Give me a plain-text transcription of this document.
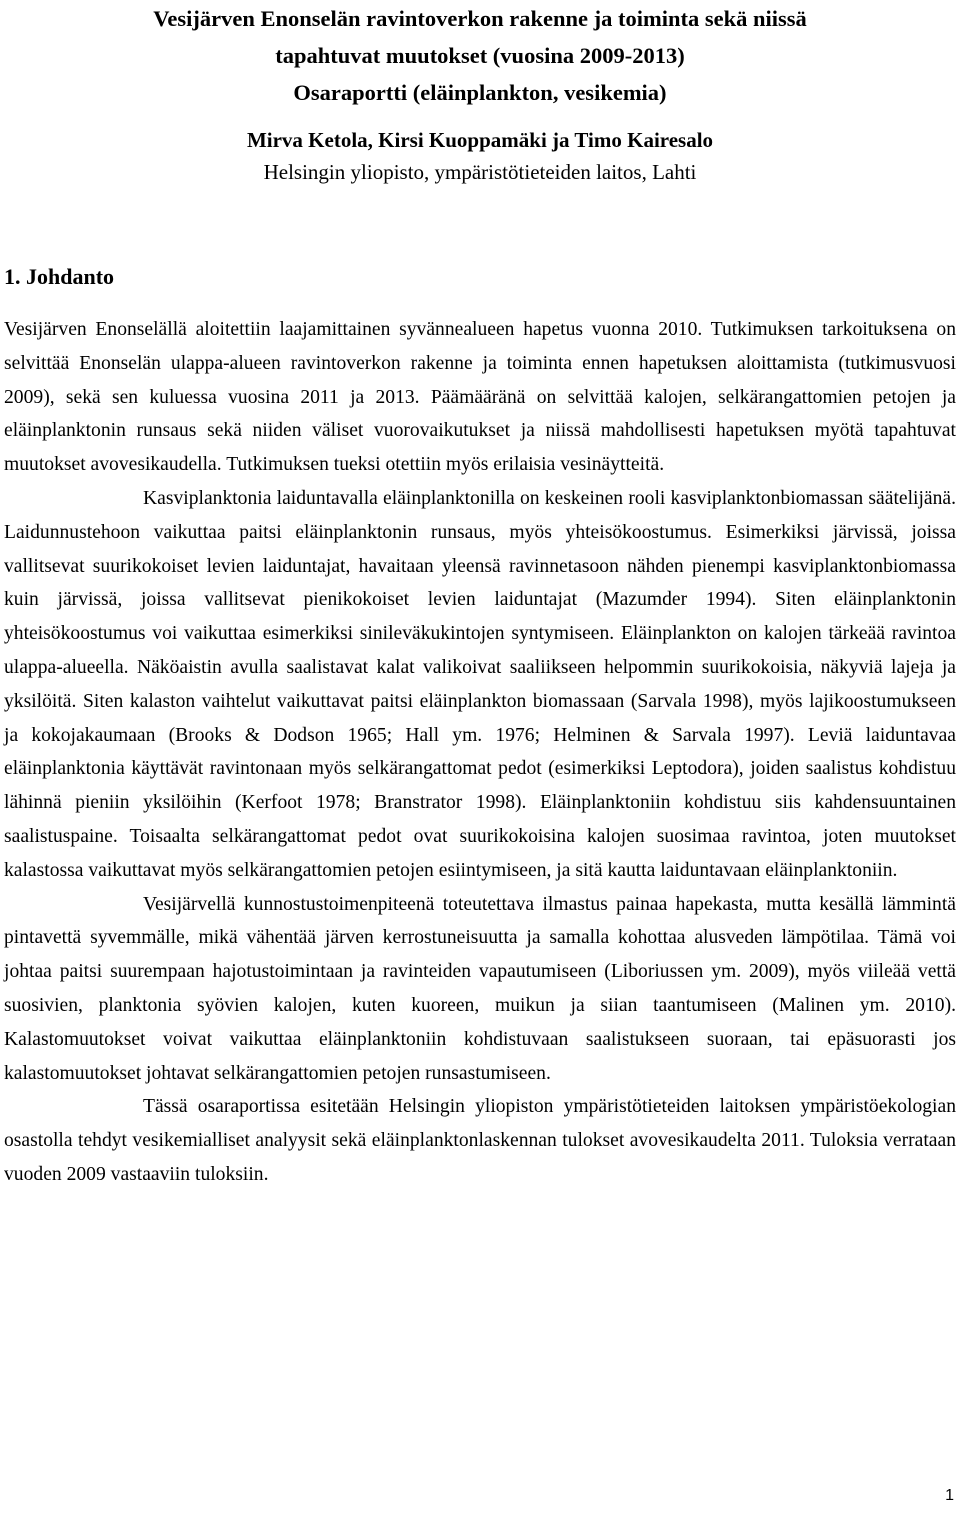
Vesijärven Enonselän ravintoverkon rakenne ja toiminta sekä niissä
tapahtuvat muutokset (vuosina 2009-2013)
Osaraportti (eläinplankton, vesikemia)
Mirva Ketola, Kirsi Kuoppamäki ja Timo Kairesalo
Helsingin yliopisto, ympäristötieteiden laitos, Lahti
1. Johdanto

Vesijärven Enonselällä aloitettiin laajamittainen syvännealueen hapetus vuonna 2010. Tutkimuksen tarkoituksena on selvittää Enonselän ulappa-alueen ravintoverkon rakenne ja toiminta ennen hapetuksen aloittamista (tutkimusvuosi 2009), sekä sen kuluessa vuosina 2011 ja 2013. Päämääränä on selvittää kalojen, selkärangattomien petojen ja eläinplanktonin runsaus sekä niiden väliset vuorovaikutukset ja niissä mahdollisesti hapetuksen myötä tapahtuvat muutokset avovesikaudella. Tutkimuksen tueksi otettiin myös erilaisia vesinäytteitä.

Kasviplanktonia laiduntavalla eläinplanktonilla on keskeinen rooli kasviplanktonbiomassan säätelijänä. Laidunnustehoon vaikuttaa paitsi eläinplanktonin runsaus, myös yhteisökoostumus. Esimerkiksi järvissä, joissa vallitsevat suurikokoiset levien laiduntajat, havaitaan yleensä ravinnetasoon nähden pienempi kasviplanktonbiomassa kuin järvissä, joissa vallitsevat pienikokoiset levien laiduntajat (Mazumder 1994). Siten eläinplanktonin yhteisökoostumus voi vaikuttaa esimerkiksi sinileväkukintojen syntymiseen. Eläinplankton on kalojen tärkeää ravintoa ulappa-alueella. Näköaistin avulla saalistavat kalat valikoivat saaliikseen helpommin suurikokoisia, näkyviä lajeja ja yksilöitä. Siten kalaston vaihtelut vaikuttavat paitsi eläinplankton biomassaan (Sarvala 1998), myös lajikoostumukseen ja kokojakaumaan (Brooks & Dodson 1965; Hall ym. 1976; Helminen & Sarvala 1997). Leviä laiduntavaa eläinplanktonia käyttävät ravintonaan myös selkärangattomat pedot (esimerkiksi Leptodora), joiden saalistus kohdistuu lähinnä pieniin yksilöihin (Kerfoot 1978; Branstrator 1998). Eläinplanktoniin kohdistuu siis kahdensuuntainen saalistuspaine. Toisaalta selkärangattomat pedot ovat suurikokoisina kalojen suosimaa ravintoa, joten muutokset kalastossa vaikuttavat myös selkärangattomien petojen esiintymiseen, ja sitä kautta laiduntavaan eläinplanktoniin.

Vesijärvellä kunnostustoimenpiteenä toteutettava ilmastus painaa hapekasta, mutta kesällä lämmintä pintavettä syvemmälle, mikä vähentää järven kerrostuneisuutta ja samalla kohottaa alusveden lämpötilaa. Tämä voi johtaa paitsi suurempaan hajotustoimintaan ja ravinteiden vapautumiseen (Liboriussen ym. 2009), myös viileää vettä suosivien, planktonia syövien kalojen, kuten kuoreen, muikun ja siian taantumiseen (Malinen ym. 2010). Kalastomuutokset voivat vaikuttaa eläinplanktoniin kohdistuvaan saalistukseen suoraan, tai epäsuorasti jos kalastomuutokset johtavat selkärangattomien petojen runsastumiseen.

Tässä osaraportissa esitetään Helsingin yliopiston ympäristötieteiden laitoksen ympäristöekologian osastolla tehdyt vesikemialliset analyysit sekä eläinplanktonlaskennan tulokset avovesikaudelta 2011. Tuloksia verrataan vuoden 2009 vastaaviin tuloksiin.

1
